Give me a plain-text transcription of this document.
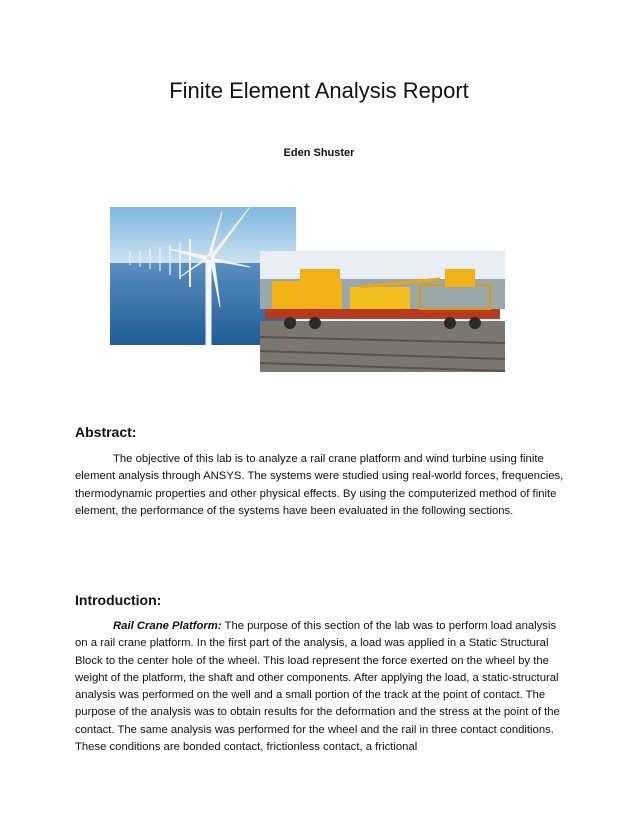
Finite Element Analysis Report
Eden Shuster
Abstract:

The objective of this lab is to analyze a rail crane platform and wind turbine using finite element analysis through ANSYS. The systems were studied using real-world forces, frequencies, thermodynamic properties and other physical effects. By using the computerized method of finite element, the performance of the systems have been evaluated in the following sections.

Introduction:

Rail Crane Platform: The purpose of this section of the lab was to perform load analysis on a rail crane platform. In the first part of the analysis, a load was applied in a Static Structural Block to the center hole of the wheel. This load represent the force exerted on the wheel by the weight of the platform, the shaft and other components. After applying the load, a static-structural analysis was performed on the well and a small portion of the track at the point of contact. The purpose of the analysis was to obtain results for the deformation and the stress at the point of the contact. The same analysis was performed for the wheel and the rail in three contact conditions. These conditions are bonded contact, frictionless contact, a frictional
